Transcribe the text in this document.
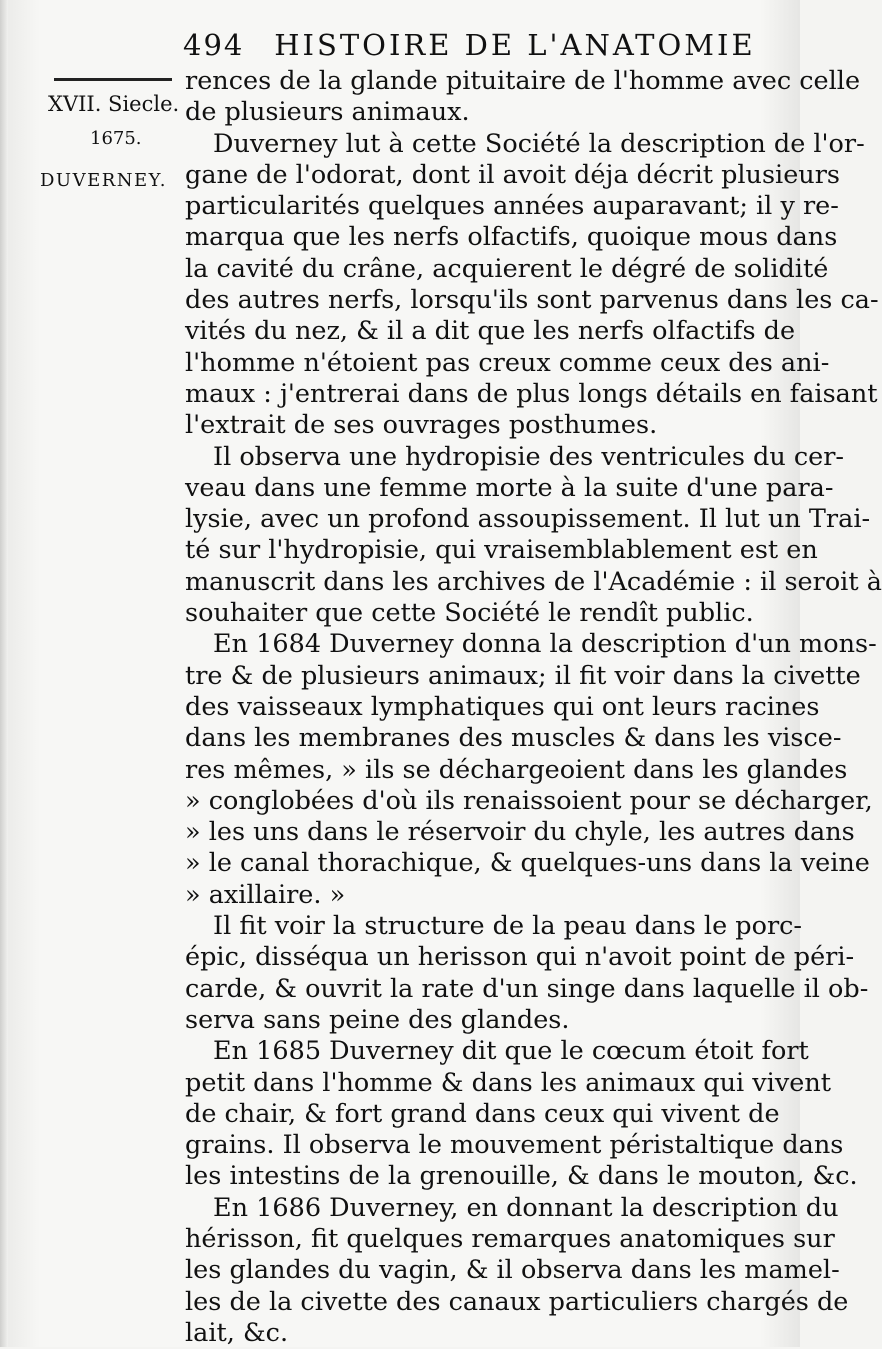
494 HISTOIRE DE L'ANATOMIE
XVII. Siecle.
1675.
DUVERNEY.
rences de la glande pituitaire de l'homme avec celle
de plusieurs animaux.
Duverney lut à cette Société la description de l'or-
gane de l'odorat, dont il avoit déja décrit plusieurs
particularités quelques années auparavant; il y re-
marqua que les nerfs olfactifs, quoique mous dans
la cavité du crâne, acquierent le dégré de solidité
des autres nerfs, lorsqu'ils sont parvenus dans les ca-
vités du nez, & il a dit que les nerfs olfactifs de
l'homme n'étoient pas creux comme ceux des ani-
maux : j'entrerai dans de plus longs détails en faisant
l'extrait de ses ouvrages posthumes.
Il observa une hydropisie des ventricules du cer-
veau dans une femme morte à la suite d'une para-
lysie, avec un profond assoupissement. Il lut un Trai-
té sur l'hydropisie, qui vraisemblablement est en
manuscrit dans les archives de l'Académie : il seroit à
souhaiter que cette Société le rendît public.
En 1684 Duverney donna la description d'un mons-
tre & de plusieurs animaux; il fit voir dans la civette
des vaisseaux lymphatiques qui ont leurs racines
dans les membranes des muscles & dans les visce-
res mêmes, » ils se déchargeoient dans les glandes
» conglobées d'où ils renaissoient pour se décharger,
» les uns dans le réservoir du chyle, les autres dans
» le canal thorachique, & quelques-uns dans la veine
» axillaire. »
Il fit voir la structure de la peau dans le porc-
épic, disséqua un herisson qui n'avoit point de péri-
carde, & ouvrit la rate d'un singe dans laquelle il ob-
serva sans peine des glandes.
En 1685 Duverney dit que le cœcum étoit fort
petit dans l'homme & dans les animaux qui vivent
de chair, & fort grand dans ceux qui vivent de
grains. Il observa le mouvement péristaltique dans
les intestins de la grenouille, & dans le mouton, &c.
En 1686 Duverney, en donnant la description du
hérisson, fit quelques remarques anatomiques sur
les glandes du vagin, & il observa dans les mamel-
les de la civette des canaux particuliers chargés de
lait, &c.
